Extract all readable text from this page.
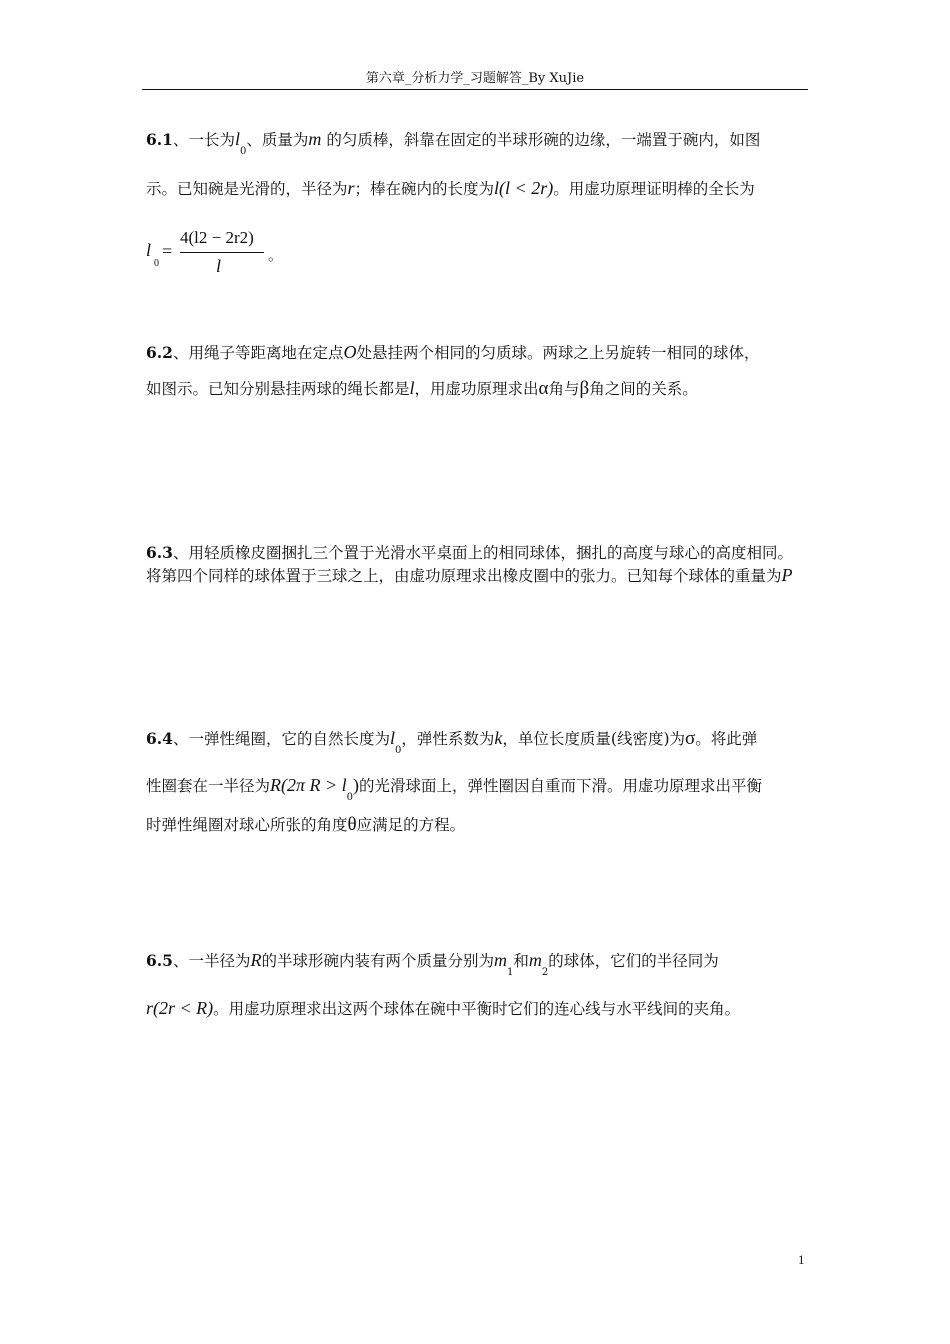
第六章_分析力学_习题解答_By XuJie
6.1、一长为$l_0$、质量为m 的匀质棒，斜靠在固定的半球形碗的边缘，一端置于碗内，如图
示。已知碗是光滑的，半径为r；棒在碗内的长度为l(l < 2r)。用虚功原理证明棒的全长为
l
0
=
4(l2 − 2r2)
l
。
6.2、用绳子等距离地在定点O处悬挂两个相同的匀质球。两球之上另旋转一相同的球体，
如图示。已知分别悬挂两球的绳长都是l，用虚功原理求出α角与β角之间的关系。
6.3、用轻质橡皮圈捆扎三个置于光滑水平桌面上的相同球体，捆扎的高度与球心的高度相同。将第四个同样的球体置于三球之上，由虚功原理求出橡皮圈中的张力。已知每个球体的重量为P
6.4、一弹性绳圈，它的自然长度为$l_0$，弹性系数为k，单位长度质量(线密度)为σ。将此弹
性圈套在一半径为R(2π $R > l_0$)的光滑球面上，弹性圈因自重而下滑。用虚功原理求出平衡
时弹性绳圈对球心所张的角度θ应满足的方程。
6.5、一半径为R的半球形碗内装有两个质量分别为$m_1$和$m_2$的球体，它们的半径同为
r(2r < R)。用虚功原理求出这两个球体在碗中平衡时它们的连心线与水平线间的夹角。
1
